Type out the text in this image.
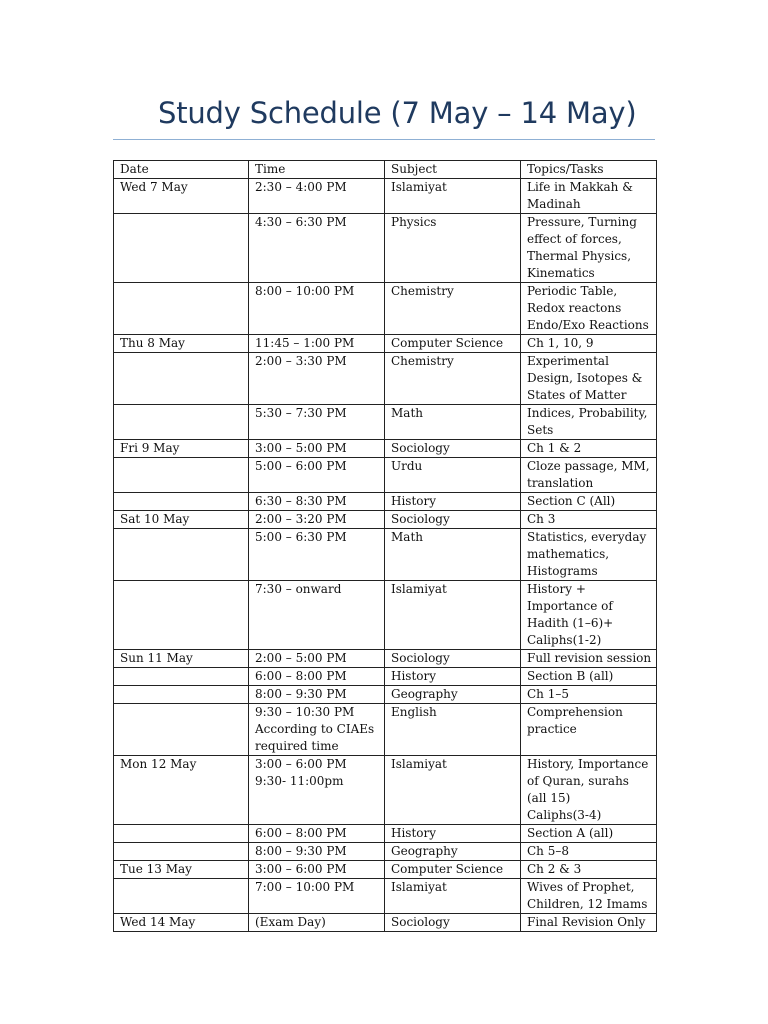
Study Schedule (7 May – 14 May)
Date	Time	Subject	Topics/Tasks
Wed 7 May	2:30 – 4:00 PM	Islamiyat	Life in Makkah &
Madinah
	4:30 – 6:30 PM	Physics	Pressure, Turning
effect of forces,
Thermal Physics,
Kinematics
	8:00 – 10:00 PM	Chemistry	Periodic Table,
Redox reactons
Endo/Exo Reactions
Thu 8 May	11:45 – 1:00 PM	Computer Science	Ch 1, 10, 9
	2:00 – 3:30 PM	Chemistry	Experimental
Design, Isotopes &
States of Matter
	5:30 – 7:30 PM	Math	Indices, Probability,
Sets
Fri 9 May	3:00 – 5:00 PM	Sociology	Ch 1 & 2
	5:00 – 6:00 PM	Urdu	Cloze passage, MM,
translation
	6:30 – 8:30 PM	History	Section C (All)
Sat 10 May	2:00 – 3:20 PM	Sociology	Ch 3
	5:00 – 6:30 PM	Math	Statistics, everyday
mathematics,
Histograms
	7:30 – onward	Islamiyat	History +
Importance of
Hadith (1–6)+
Caliphs(1-2)
Sun 11 May	2:00 – 5:00 PM	Sociology	Full revision session
	6:00 – 8:00 PM	History	Section B (all)
	8:00 – 9:30 PM	Geography	Ch 1–5
	9:30 – 10:30 PM
According to CIAEs
required time	English	Comprehension
practice
Mon 12 May	3:00 – 6:00 PM
9:30- 11:00pm	Islamiyat	History, Importance
of Quran, surahs
(all 15)
Caliphs(3-4)
	6:00 – 8:00 PM	History	Section A (all)
	8:00 – 9:30 PM	Geography	Ch 5–8
Tue 13 May	3:00 – 6:00 PM	Computer Science	Ch 2 & 3
	7:00 – 10:00 PM	Islamiyat	Wives of Prophet,
Children, 12 Imams
Wed 14 May	(Exam Day)	Sociology	Final Revision Only
